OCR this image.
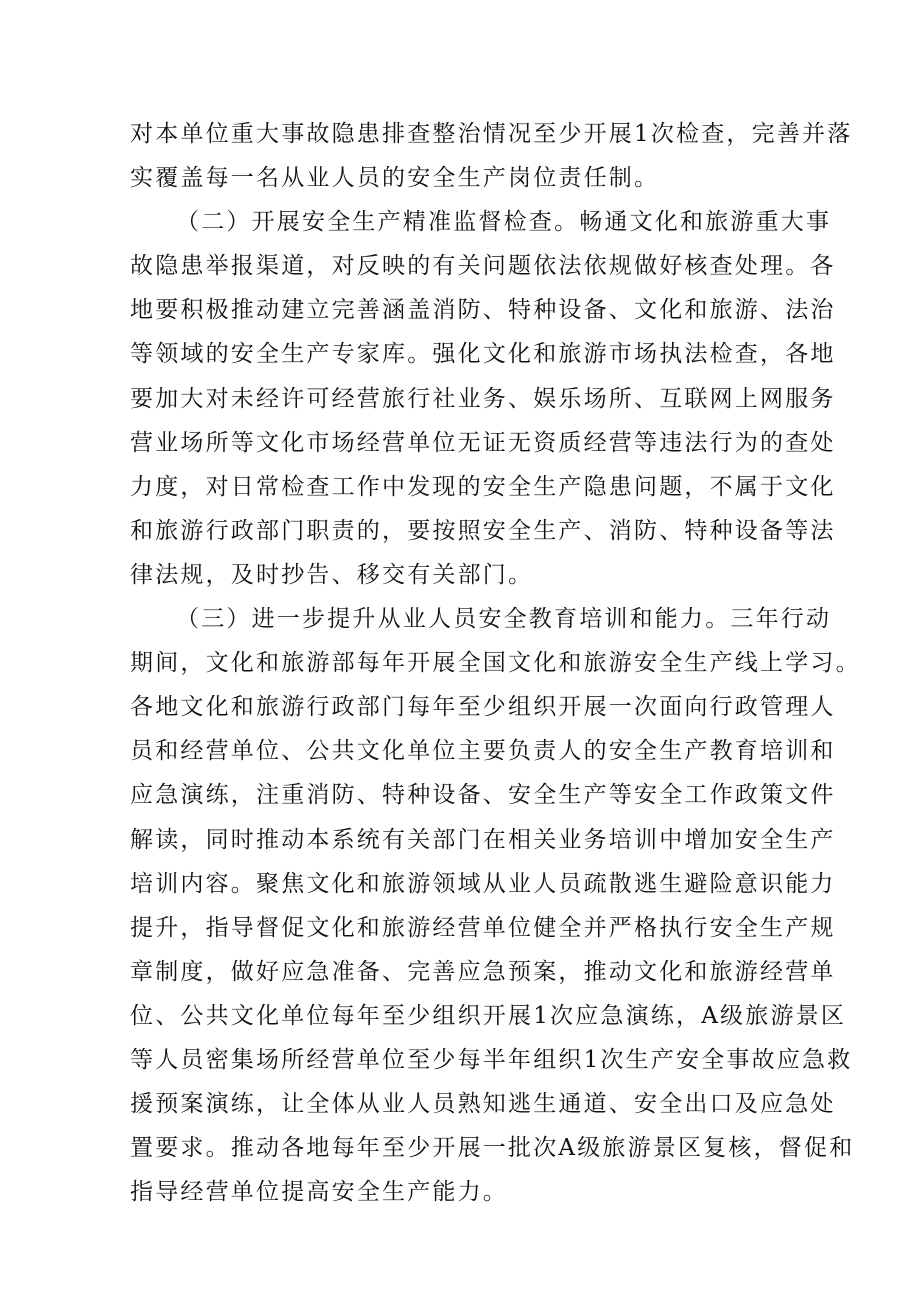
对本单位重大事故隐患排查整治情况至少开展1次检查，完善并落
实覆盖每一名从业人员的安全生产岗位责任制。
（二）开展安全生产精准监督检查。畅通文化和旅游重大事
故隐患举报渠道，对反映的有关问题依法依规做好核查处理。各
地要积极推动建立完善涵盖消防、特种设备、文化和旅游、法治
等领域的安全生产专家库。强化文化和旅游市场执法检查，各地
要加大对未经许可经营旅行社业务、娱乐场所、互联网上网服务
营业场所等文化市场经营单位无证无资质经营等违法行为的查处
力度，对日常检查工作中发现的安全生产隐患问题，不属于文化
和旅游行政部门职责的，要按照安全生产、消防、特种设备等法
律法规，及时抄告、移交有关部门。
（三）进一步提升从业人员安全教育培训和能力。三年行动
期间，文化和旅游部每年开展全国文化和旅游安全生产线上学习。
各地文化和旅游行政部门每年至少组织开展一次面向行政管理人
员和经营单位、公共文化单位主要负责人的安全生产教育培训和
应急演练，注重消防、特种设备、安全生产等安全工作政策文件
解读，同时推动本系统有关部门在相关业务培训中增加安全生产
培训内容。聚焦文化和旅游领域从业人员疏散逃生避险意识能力
提升，指导督促文化和旅游经营单位健全并严格执行安全生产规
章制度，做好应急准备、完善应急预案，推动文化和旅游经营单
位、公共文化单位每年至少组织开展1次应急演练，A级旅游景区
等人员密集场所经营单位至少每半年组织1次生产安全事故应急救
援预案演练，让全体从业人员熟知逃生通道、安全出口及应急处
置要求。推动各地每年至少开展一批次A级旅游景区复核，督促和
指导经营单位提高安全生产能力。
